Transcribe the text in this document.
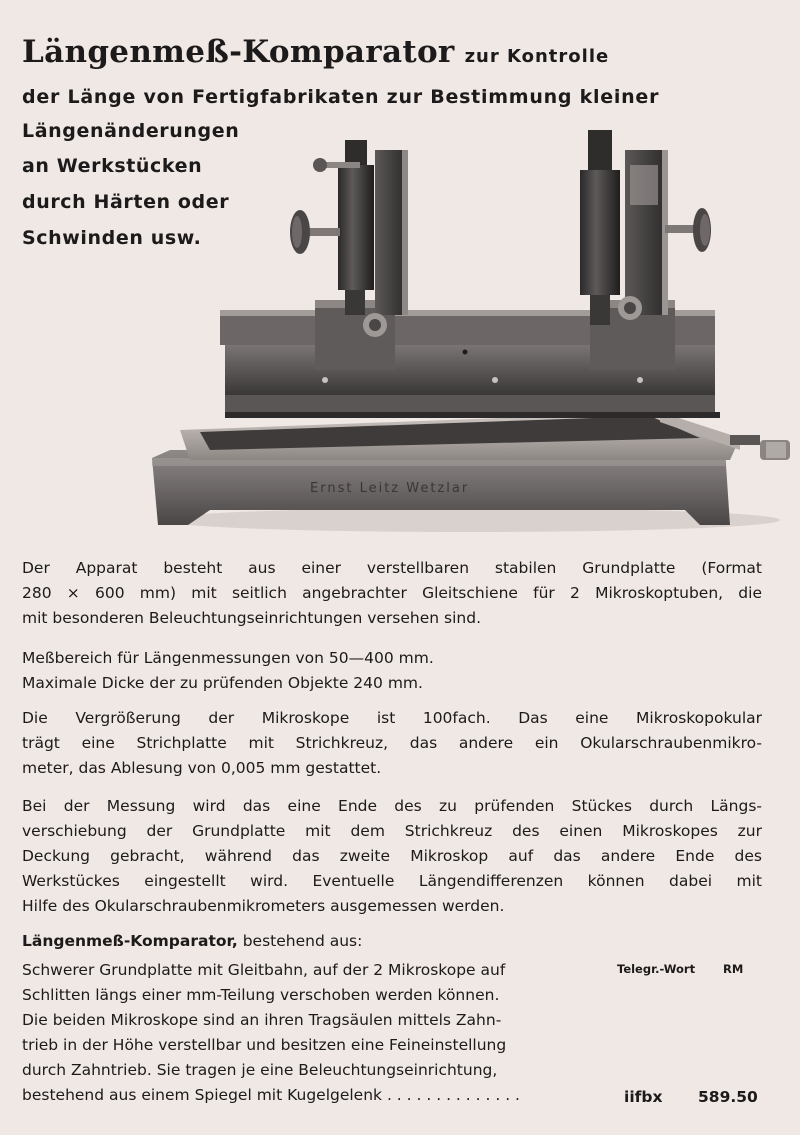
Längenmeß-Komparator zur Kontrolle
der Länge von Fertigfabrikaten zur Bestimmung kleiner
Längenänderungen
an Werkstücken
durch Härten oder
Schwinden usw.
Ernst Leitz Wetzlar
Der Apparat besteht aus einer verstellbaren stabilen Grundplatte (Format
280 × 600 mm) mit seitlich angebrachter Gleitschiene für 2 Mikroskoptuben, die
mit besonderen Beleuchtungseinrichtungen versehen sind.
Meßbereich für Längenmessungen von 50—400 mm.
Maximale Dicke der zu prüfenden Objekte 240 mm.
Die Vergrößerung der Mikroskope ist 100fach. Das eine Mikroskopokular
trägt eine Strichplatte mit Strichkreuz, das andere ein Okularschraubenmikro-
meter, das Ablesung von 0,005 mm gestattet.
Bei der Messung wird das eine Ende des zu prüfenden Stückes durch Längs-
verschiebung der Grundplatte mit dem Strichkreuz des einen Mikroskopes zur
Deckung gebracht, während das zweite Mikroskop auf das andere Ende des
Werkstückes eingestellt wird. Eventuelle Längendifferenzen können dabei mit
Hilfe des Okularschraubenmikrometers ausgemessen werden.
Längenmeß-Komparator, bestehend aus:
Telegr.-Wort RM
Schwerer Grundplatte mit Gleitbahn, auf der 2 Mikroskope auf
Schlitten längs einer mm-Teilung verschoben werden können.
Die beiden Mikroskope sind an ihren Tragsäulen mittels Zahn-
trieb in der Höhe verstellbar und besitzen eine Feineinstellung
durch Zahntrieb. Sie tragen je eine Beleuchtungseinrichtung,
bestehend aus einem Spiegel mit Kugelgelenk . . . . . . . . . . . . . .	iifbx 589.50
